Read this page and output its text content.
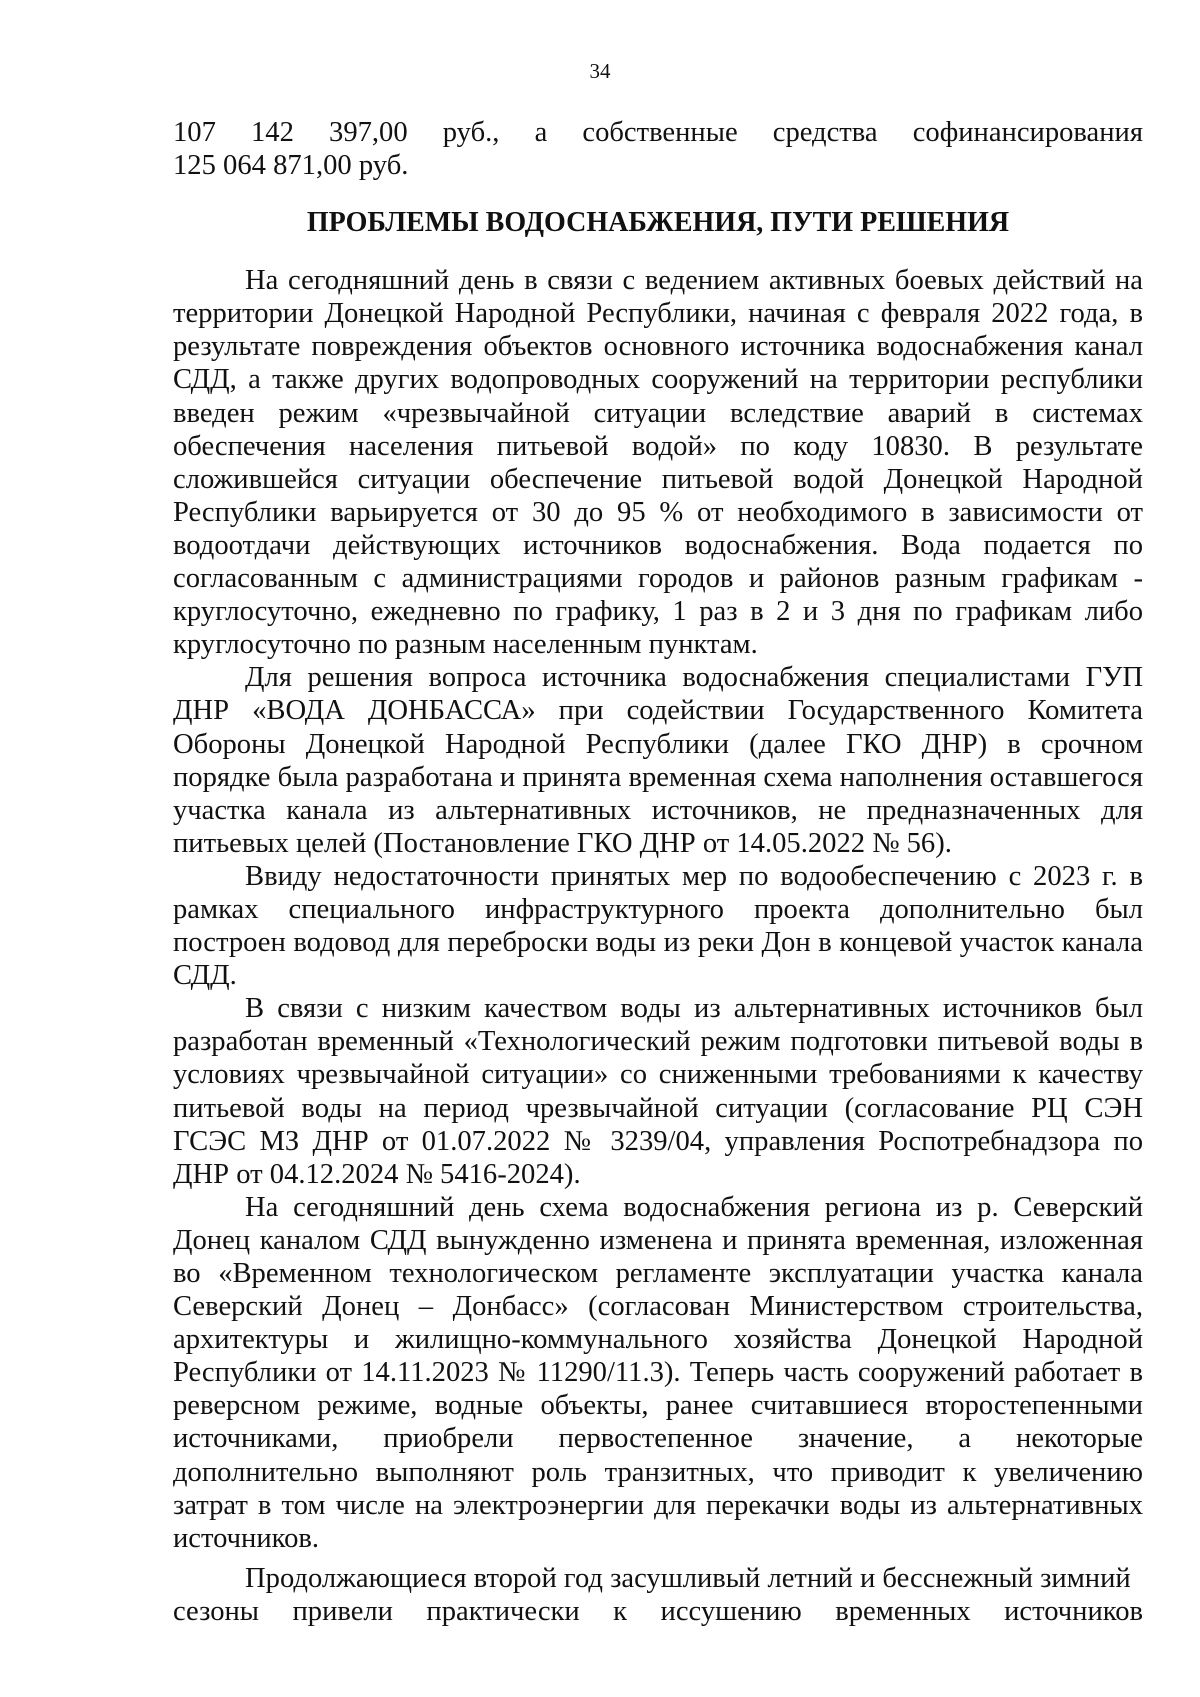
34

107 142 397,00 руб., а собственные средства софинансирования
125 064 871,00 руб.

ПРОБЛЕМЫ ВОДОСНАБЖЕНИЯ, ПУТИ РЕШЕНИЯ

На сегодняшний день в связи с ведением активных боевых действий на территории Донецкой Народной Республики, начиная с февраля 2022 года, в результате повреждения объектов основного источника водоснабжения канал СДД, а также других водопроводных сооружений на территории республики введен режим «чрезвычайной ситуации вследствие аварий в системах обеспечения населения питьевой водой» по коду 10830. В результате сложившейся ситуации обеспечение питьевой водой Донецкой Народной Республики варьируется от 30 до 95 % от необходимого в зависимости от водоотдачи действующих источников водоснабжения. Вода подается по согласованным с администрациями городов и районов разным графикам - круглосуточно, ежедневно по графику, 1 раз в 2 и 3 дня по графикам либо круглосуточно по разным населенным пунктам.

Для решения вопроса источника водоснабжения специалистами ГУП ДНР «ВОДА ДОНБАССА» при содействии Государственного Комитета Обороны Донецкой Народной Республики (далее ГКО ДНР) в срочном порядке была разработана и принята временная схема наполнения оставшегося участка канала из альтернативных источников, не предназначенных для питьевых целей (Постановление ГКО ДНР от 14.05.2022 № 56).

Ввиду недостаточности принятых мер по водообеспечению с 2023 г. в рамках специального инфраструктурного проекта дополнительно был построен водовод для переброски воды из реки Дон в концевой участок канала СДД.

В связи с низким качеством воды из альтернативных источников был разработан временный «Технологический режим подготовки питьевой воды в условиях чрезвычайной ситуации» со сниженными требованиями к качеству питьевой воды на период чрезвычайной ситуации (согласование РЦ СЭН ГСЭС МЗ ДНР от 01.07.2022 № 3239/04, управления Роспотребнадзора по ДНР от 04.12.2024 № 5416-2024).

На сегодняшний день схема водоснабжения региона из р. Северский Донец каналом СДД вынужденно изменена и принята временная, изложенная во «Временном технологическом регламенте эксплуатации участка канала Северский Донец – Донбасс» (согласован Министерством строительства, архитектуры и жилищно-коммунального хозяйства Донецкой Народной Республики от 14.11.2023 № 11290/11.3). Теперь часть сооружений работает в реверсном режиме, водные объекты, ранее считавшиеся второстепенными источниками, приобрели первостепенное значение, а некоторые дополнительно выполняют роль транзитных, что приводит к увеличению затрат в том числе на электроэнергии для перекачки воды из альтернативных источников.

Продолжающиеся второй год засушливый летний и бесснежный зимний
сезоны привели практически к иссушению временных источников
